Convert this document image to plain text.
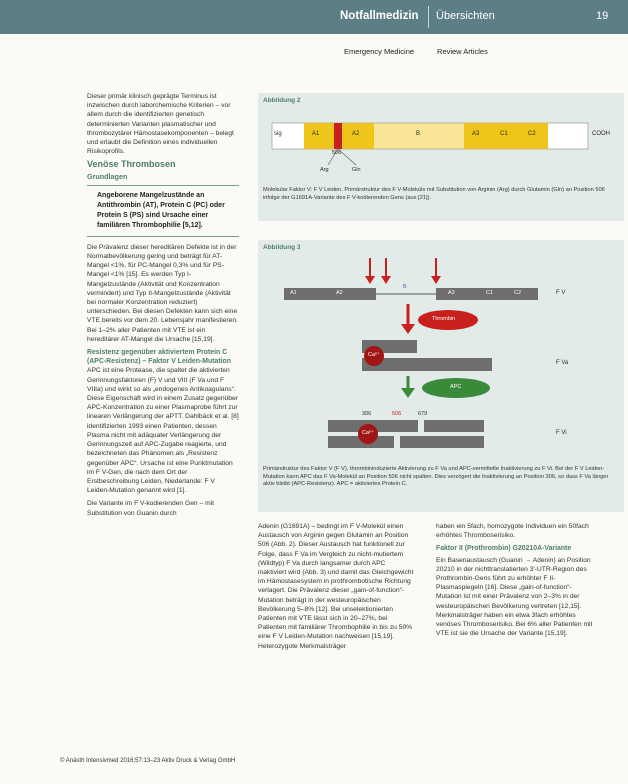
Notfallmedizin Übersichten	19
Emergency Medicine	Review Articles

Dieser primär klinisch geprägte Terminus ist inzwischen durch laborchemische Kriterien – vor allem durch die identifizierten genetisch determinierten Varianten plasmatischer und thrombozytärer Hämostasekomponenten – belegt und erlaubt die Definition eines individuellen Risikoprofils.

Venöse Thrombosen
Grundlagen
Angeborene Mangelzustände an Antithrombin (AT), Protein C (PC) oder Protein S (PS) sind Ursache einer familiären Thrombophilie [5,12].

Die Prävalenz dieser hereditären Defekte ist in der Normalbevölkerung gering und beträgt für AT-Mangel <1%, für PC-Mangel 0,3% und für PS-Mangel <1% [15]. Es werden Typ I-Mangelzustände (Aktivität und Konzentration vermindert) und Typ II-Mangelzustände (Aktivität bei normaler Konzentration reduziert) unterschieden. Bei diesen Defekten kann sich eine VTE bereits vor dem 20. Lebensjahr manifestieren. Bei 1–2% aller Patienten mit VTE ist ein hereditärer AT-Mangel die Ursache [15,19].

Resistenz gegenüber aktiviertem Protein C (APC-Resistenz) – Faktor V Leiden-Mutation

APC ist eine Protease, die spaltet die aktivierten Gerinnungsfaktoren (F) V und VIII (F Va und F VIIIa) und wirkt so als „endogenes Antikoagulans“. Diese Eigenschaft wird in einem Zusatz gegenüber APC-Konzentration zu einer Plasmaprobe führt zur linearen Verlängerung der aPTT. Dahlbäck et al. [8] identifizierten 1993 einen Patienten, dessen Plasma nicht mit adäquater Verlängerung der Gerinnungszeit auf APC-Zugabe reagierte, und bezeichneten das Phänomen als „Resistenz gegenüber APC“. Ursache ist eine Punktmutation im F V-Gen, die nach dem Ort der Erstbeschreibung Leiden, Niederlande: F V Leiden-Mutation genannt wird [1].

Die Variante im F V-kodierenden Gen – mit Substitution von Guanin durch

Abbildung 2
sig	A1	A2	B	A3	C1	C2	COOH
506
Arg	Gln
Molekular Faktor V: F V Leiden. Primärstruktur des F V-Moleküls mit Substitution von Arginin (Arg) durch Glutamin (Gln) an Position 506 infolge der G1691A-Variante des F V-kodierenden Gens (aus [21]).
Abbildung 3
A1	A2
B
A3	C1	C2	F V
Thrombin
Ca²⁺
F Va
APC
306	506	679
Ca²⁺	F Vi
Primärstruktur des Faktor V (F V), thrombininduzierte Aktivierung zu F Va und APC-vermittelte Inaktivierung zu F Vi. Bei der F V Leiden-Mutation kann APC das F Va-Molekül an Position 506 nicht spalten. Dies verzögert die Inaktivierung an Position 306, so dass F Va länger aktiv bleibt (APC-Resistenz). APC = aktiviertes Protein C.

Adenin (G1691A) – bedingt im F V-Molekül einen Austausch von Arginin gegen Glutamin an Position 506 (Abb. 2). Dieser Austausch hat funktionell zur Folge, dass F Va im Vergleich zu nicht-mutiertem (Wildtyp) F Va durch langsamer durch APC inaktiviert wird (Abb. 3) und damit das Gleichgewicht im Hämostasesystem in prothrombotische Richtung verlagert. Die Prävalenz dieser „gain-of-function“-Mutation beträgt in der westeuropäischen Bevölkerung 5–8% [12]. Bei unselektionierten Patienten mit VTE lässt sich in 20–27%, bei Patienten mit familiärer Thrombophilie in bis zu 50% eine F V Leiden-Mutation nachweisen [15,19]. Heterozygote Merkmalsträger

haben ein 5fach, homozygote Individuen ein 50fach erhöhtes Thromboserisiko.

Faktor II (Prothrombin) G20210A-Variante

Ein Basenaustausch (Guanin → Adenin) an Position 20210 in der nichttranslatierten 3'-UTR-Region des Prothrombin-Gens führt zu erhöhter F II-Plasmaspiegeln [16]. Diese „gain-of-function“-Mutation ist mit einer Prävalenz von 2–3% in der westeuropäischen Bevölkerung vertreten [12,15]. Merkmalsträger haben ein etwa 3fach erhöhtes venöses Thromboserisiko. Bei 6% aller Patienten mit VTE ist sie die Ursache der Variante [15,19].

© Anästh Intensivmed 2016;57:13–23 Aktiv Druck & Verlag GmbH
